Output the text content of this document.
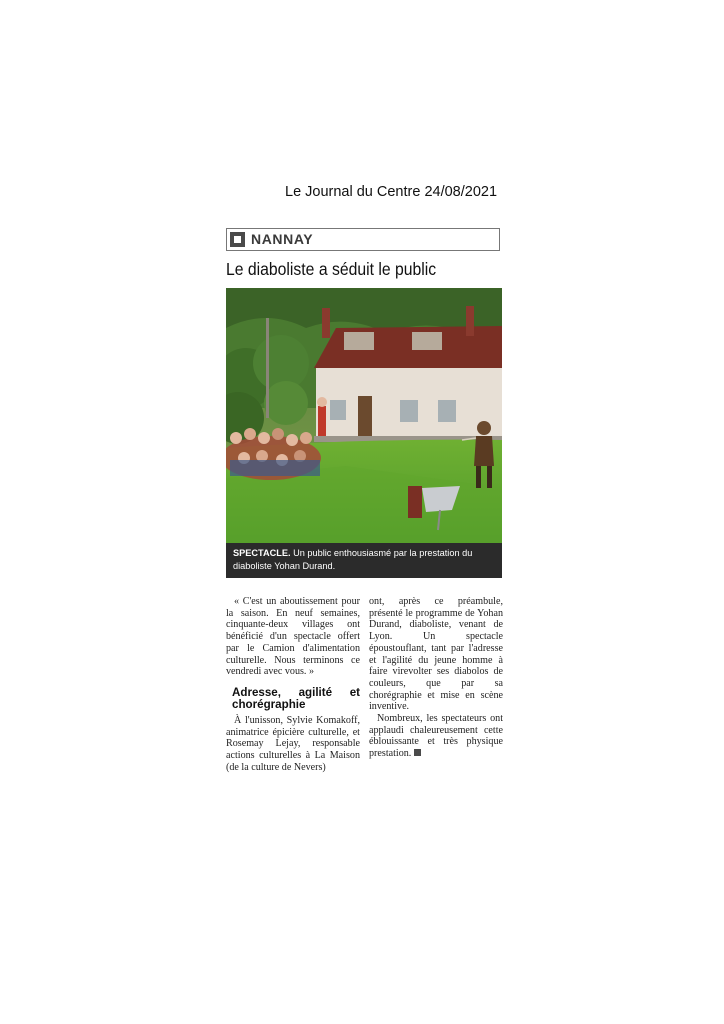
Le Journal du Centre 24/08/2021
NANNAY
Le diaboliste a séduit le public
SPECTACLE. Un public enthousiasmé par la prestation du diaboliste Yohan Durand.

« C'est un aboutissement pour la saison. En neuf semaines, cinquante-deux villages ont bénéficié d'un spectacle offert par le Camion d'alimentation culturelle. Nous terminons ce vendredi avec vous. »

Adresse, agilité et chorégraphie

À l'unisson, Sylvie Komakoff, animatrice épicière culturelle, et Rosemay Lejay, responsable actions culturelles à La Maison (de la culture de Nevers)

ont, après ce préambule, présenté le programme de Yohan Durand, diaboliste, venant de Lyon. Un spectacle époustouflant, tant par l'adresse et l'agilité du jeune homme à faire virevolter ses diabolos de couleurs, que par sa chorégraphie et mise en scène inventive.

Nombreux, les spectateurs ont applaudi chaleureusement cette éblouissante et très physique prestation.
